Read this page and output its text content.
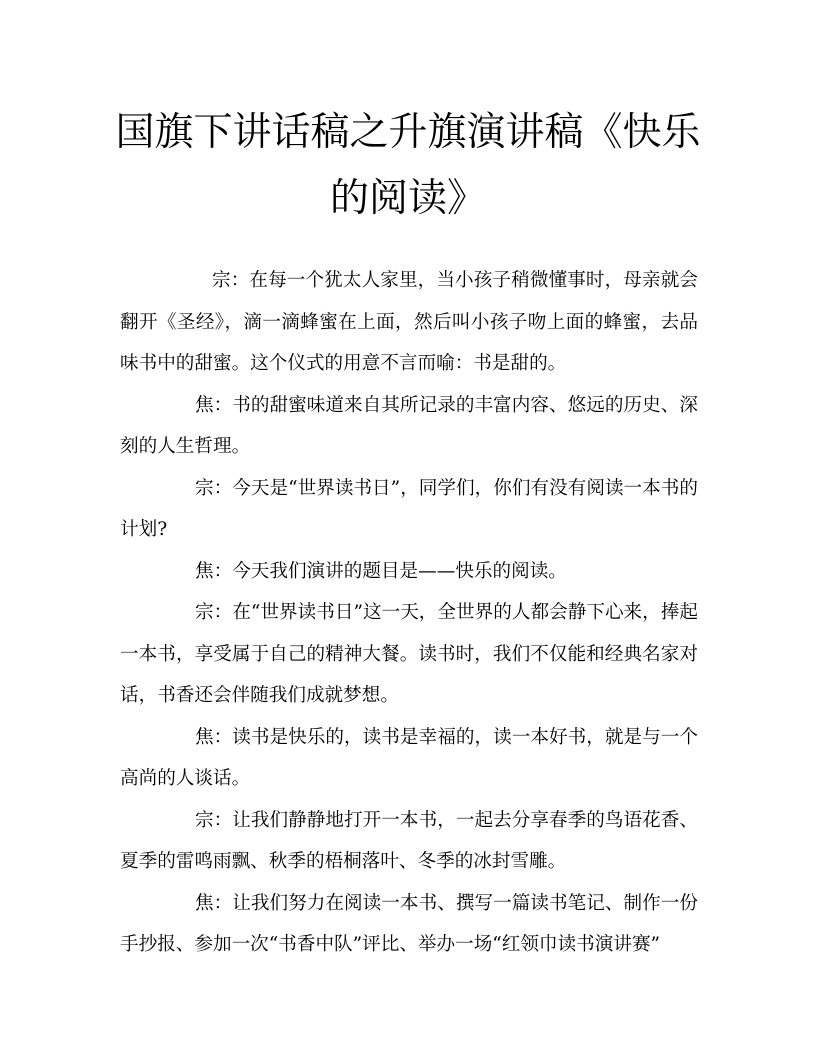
国旗下讲话稿之升旗演讲稿《快乐的阅读》

宗：在每一个犹太人家里，当小孩子稍微懂事时，母亲就会翻开《圣经》，滴一滴蜂蜜在上面，然后叫小孩子吻上面的蜂蜜，去品味书中的甜蜜。这个仪式的用意不言而喻：书是甜的。

焦：书的甜蜜味道来自其所记录的丰富内容、悠远的历史、深刻的人生哲理。

宗：今天是“世界读书日”，同学们，你们有没有阅读一本书的计划?

焦：今天我们演讲的题目是——快乐的阅读。

宗：在“世界读书日”这一天，全世界的人都会静下心来，捧起一本书，享受属于自己的精神大餐。读书时，我们不仅能和经典名家对话，书香还会伴随我们成就梦想。

焦：读书是快乐的，读书是幸福的，读一本好书，就是与一个高尚的人谈话。

宗：让我们静静地打开一本书，一起去分享春季的鸟语花香、夏季的雷鸣雨飘、秋季的梧桐落叶、冬季的冰封雪雕。

焦：让我们努力在阅读一本书、撰写一篇读书笔记、制作一份手抄报、参加一次“书香中队”评比、举办一场“红领巾读书演讲赛”
